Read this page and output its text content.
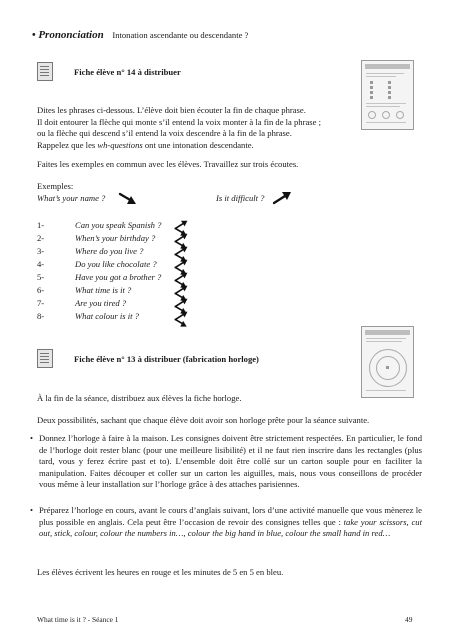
• Prononciation Intonation ascendante ou descendante ?
Fiche élève n° 14 à distribuer

Dites les phrases ci-dessous. L’élève doit bien écouter la fin de chaque phrase.

Il doit entourer la flèche qui monte s’il entend la voix monter à la fin de la phrase ;

ou la flèche qui descend s’il entend la voix descendre à la fin de la phrase.

Rappelez que les wh-questions ont une intonation descendante.

Faites les exemples en commun avec les élèves. Travaillez sur trois écoutes.
Exemples:
What’s your name ?	Is it difficult ?
1-	Can you speak Spanish ?
2-	When’s your birthday ?
3-	Where do you live ?
4-	Do you like chocolate ?
5-	Have you got a brother ?
6-	What time is it ?
7-	Are you tired ?
8-	What colour is it ?
Fiche élève n° 13 à distribuer (fabrication horloge)
À la fin de la séance, distribuez aux élèves la fiche horloge.
Deux possibilités, sachant que chaque élève doit avoir son horloge prête pour la séance suivante.
• Donnez l’horloge à faire à la maison. Les consignes doivent être strictement respectées. En particulier, le fond de l’horloge doit rester blanc (pour une meilleure lisibilité) et il ne faut rien inscrire dans les rectangles (plus tard, vous y ferez écrire past et to). L’ensemble doit être collé sur un carton souple pour en faciliter la manipulation. Faites découper et coller sur un carton les aiguilles, mais, nous vous conseillons de procéder vous même à leur installation sur l’horloge grâce à des attaches parisiennes.
• Préparez l’horloge en cours, avant le cours d’anglais suivant, lors d’une activité manuelle que vous mènerez le plus possible en anglais. Cela peut être l’occasion de revoir des consignes telles que : take your scissors, cut out, stick, colour, colour the numbers in…, colour the big hand in blue, colour the small hand in red…
Les élèves écrivent les heures en rouge et les minutes de 5 en 5 en bleu.
What time is it ? - Séance 1	49
